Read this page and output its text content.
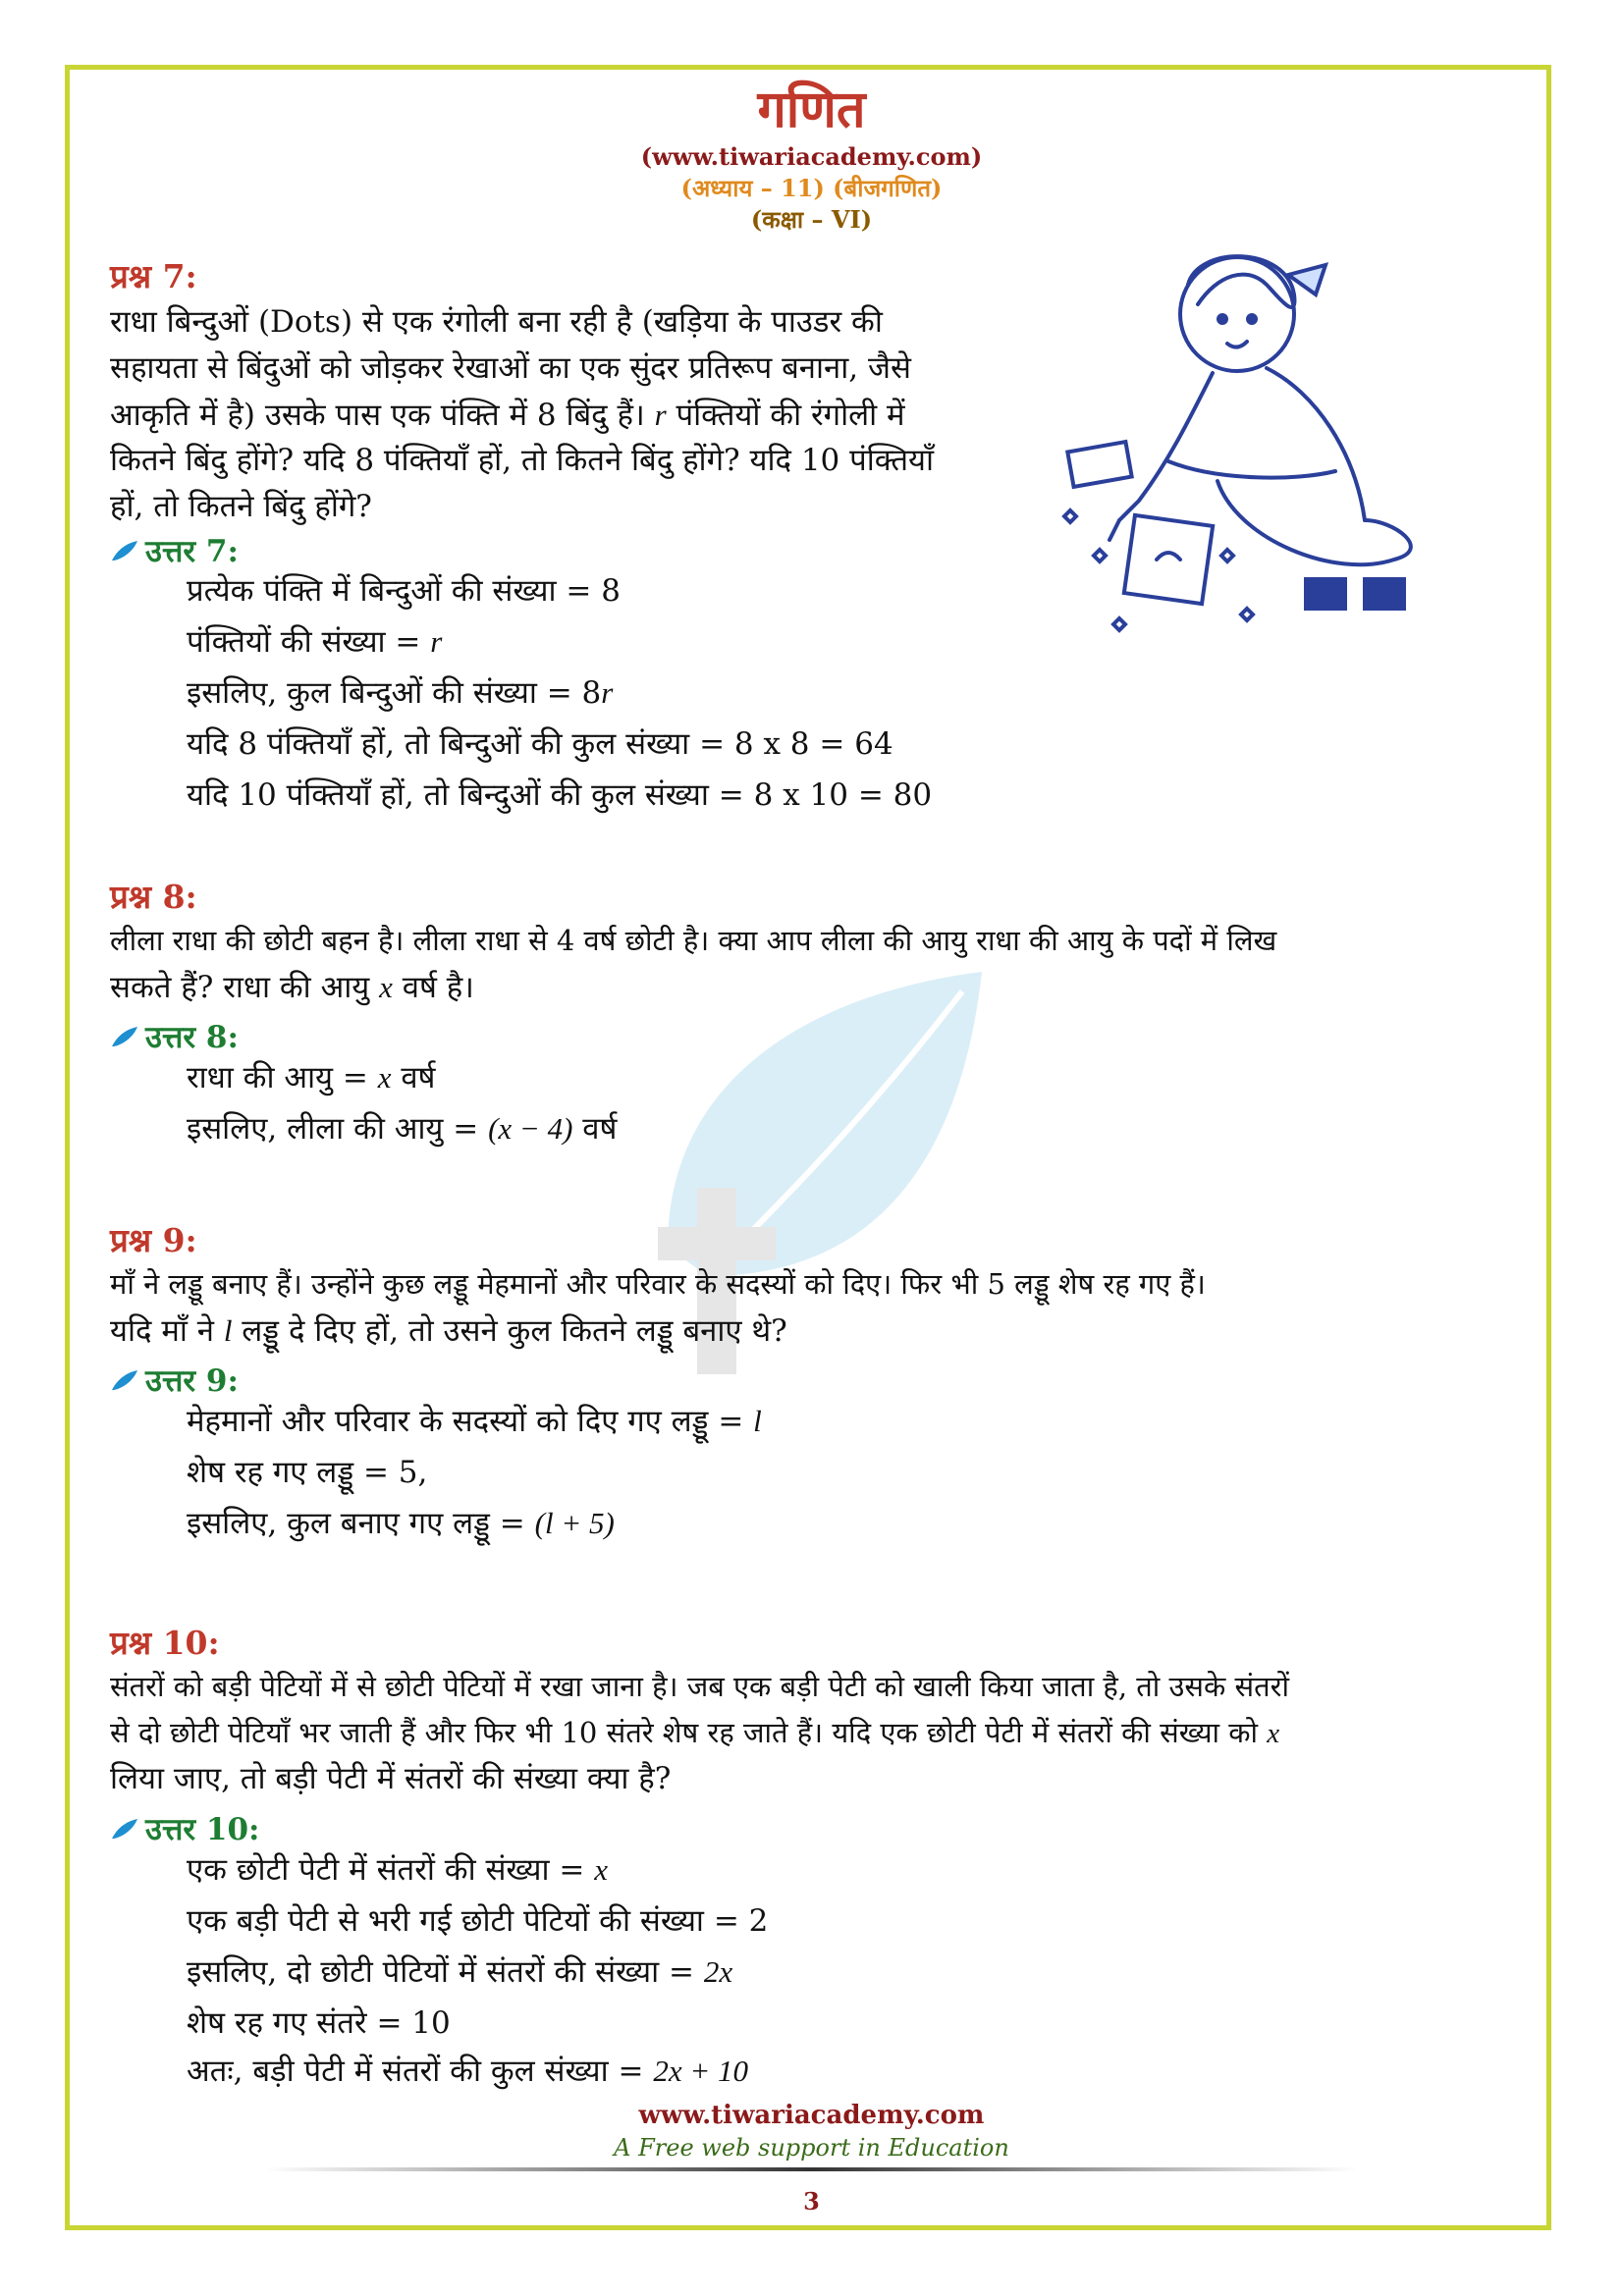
गणित
(www.tiwariacademy.com)
(अध्याय – 11) (बीजगणित)
(कक्षा – VI)
प्रश्न 7:
राधा बिन्दुओं (Dots) से एक रंगोली बना रही है (खड़िया के पाउडर की
सहायता से बिंदुओं को जोड़कर रेखाओं का एक सुंदर प्रतिरूप बनाना, जैसे
आकृति में है) उसके पास एक पंक्ति में 8 बिंदु हैं। r पंक्तियों की रंगोली में
कितने बिंदु होंगे? यदि 8 पंक्तियाँ हों, तो कितने बिंदु होंगे? यदि 10 पंक्तियाँ
हों, तो कितने बिंदु होंगे?
उत्तर 7:
प्रत्येक पंक्ति में बिन्दुओं की संख्या = 8
पंक्तियों की संख्या = r
इसलिए, कुल बिन्दुओं की संख्या = 8r
यदि 8 पंक्तियाँ हों, तो बिन्दुओं की कुल संख्या = 8 x 8 = 64
यदि 10 पंक्तियाँ हों, तो बिन्दुओं की कुल संख्या = 8 x 10 = 80
प्रश्न 8:
लीला राधा की छोटी बहन है। लीला राधा से 4 वर्ष छोटी है। क्या आप लीला की आयु राधा की आयु के पदों में लिख
सकते हैं? राधा की आयु x वर्ष है।
उत्तर 8:
राधा की आयु = x वर्ष
इसलिए, लीला की आयु = (x − 4) वर्ष
प्रश्न 9:
माँ ने लड्डू बनाए हैं। उन्होंने कुछ लड्डू मेहमानों और परिवार के सदस्यों को दिए। फिर भी 5 लड्डू शेष रह गए हैं।
यदि माँ ने l लड्डू दे दिए हों, तो उसने कुल कितने लड्डू बनाए थे?
उत्तर 9:
मेहमानों और परिवार के सदस्यों को दिए गए लड्डू = l
शेष रह गए लड्डू = 5,
इसलिए, कुल बनाए गए लड्डू = (l + 5)
प्रश्न 10:
संतरों को बड़ी पेटियों में से छोटी पेटियों में रखा जाना है। जब एक बड़ी पेटी को खाली किया जाता है, तो उसके संतरों
से दो छोटी पेटियाँ भर जाती हैं और फिर भी 10 संतरे शेष रह जाते हैं। यदि एक छोटी पेटी में संतरों की संख्या को x
लिया जाए, तो बड़ी पेटी में संतरों की संख्या क्या है?
उत्तर 10:
एक छोटी पेटी में संतरों की संख्या = x
एक बड़ी पेटी से भरी गई छोटी पेटियों की संख्या = 2
इसलिए, दो छोटी पेटियों में संतरों की संख्या = 2x
शेष रह गए संतरे = 10
अतः, बड़ी पेटी में संतरों की कुल संख्या = 2x + 10
www.tiwariacademy.com
A Free web support in Education
3
